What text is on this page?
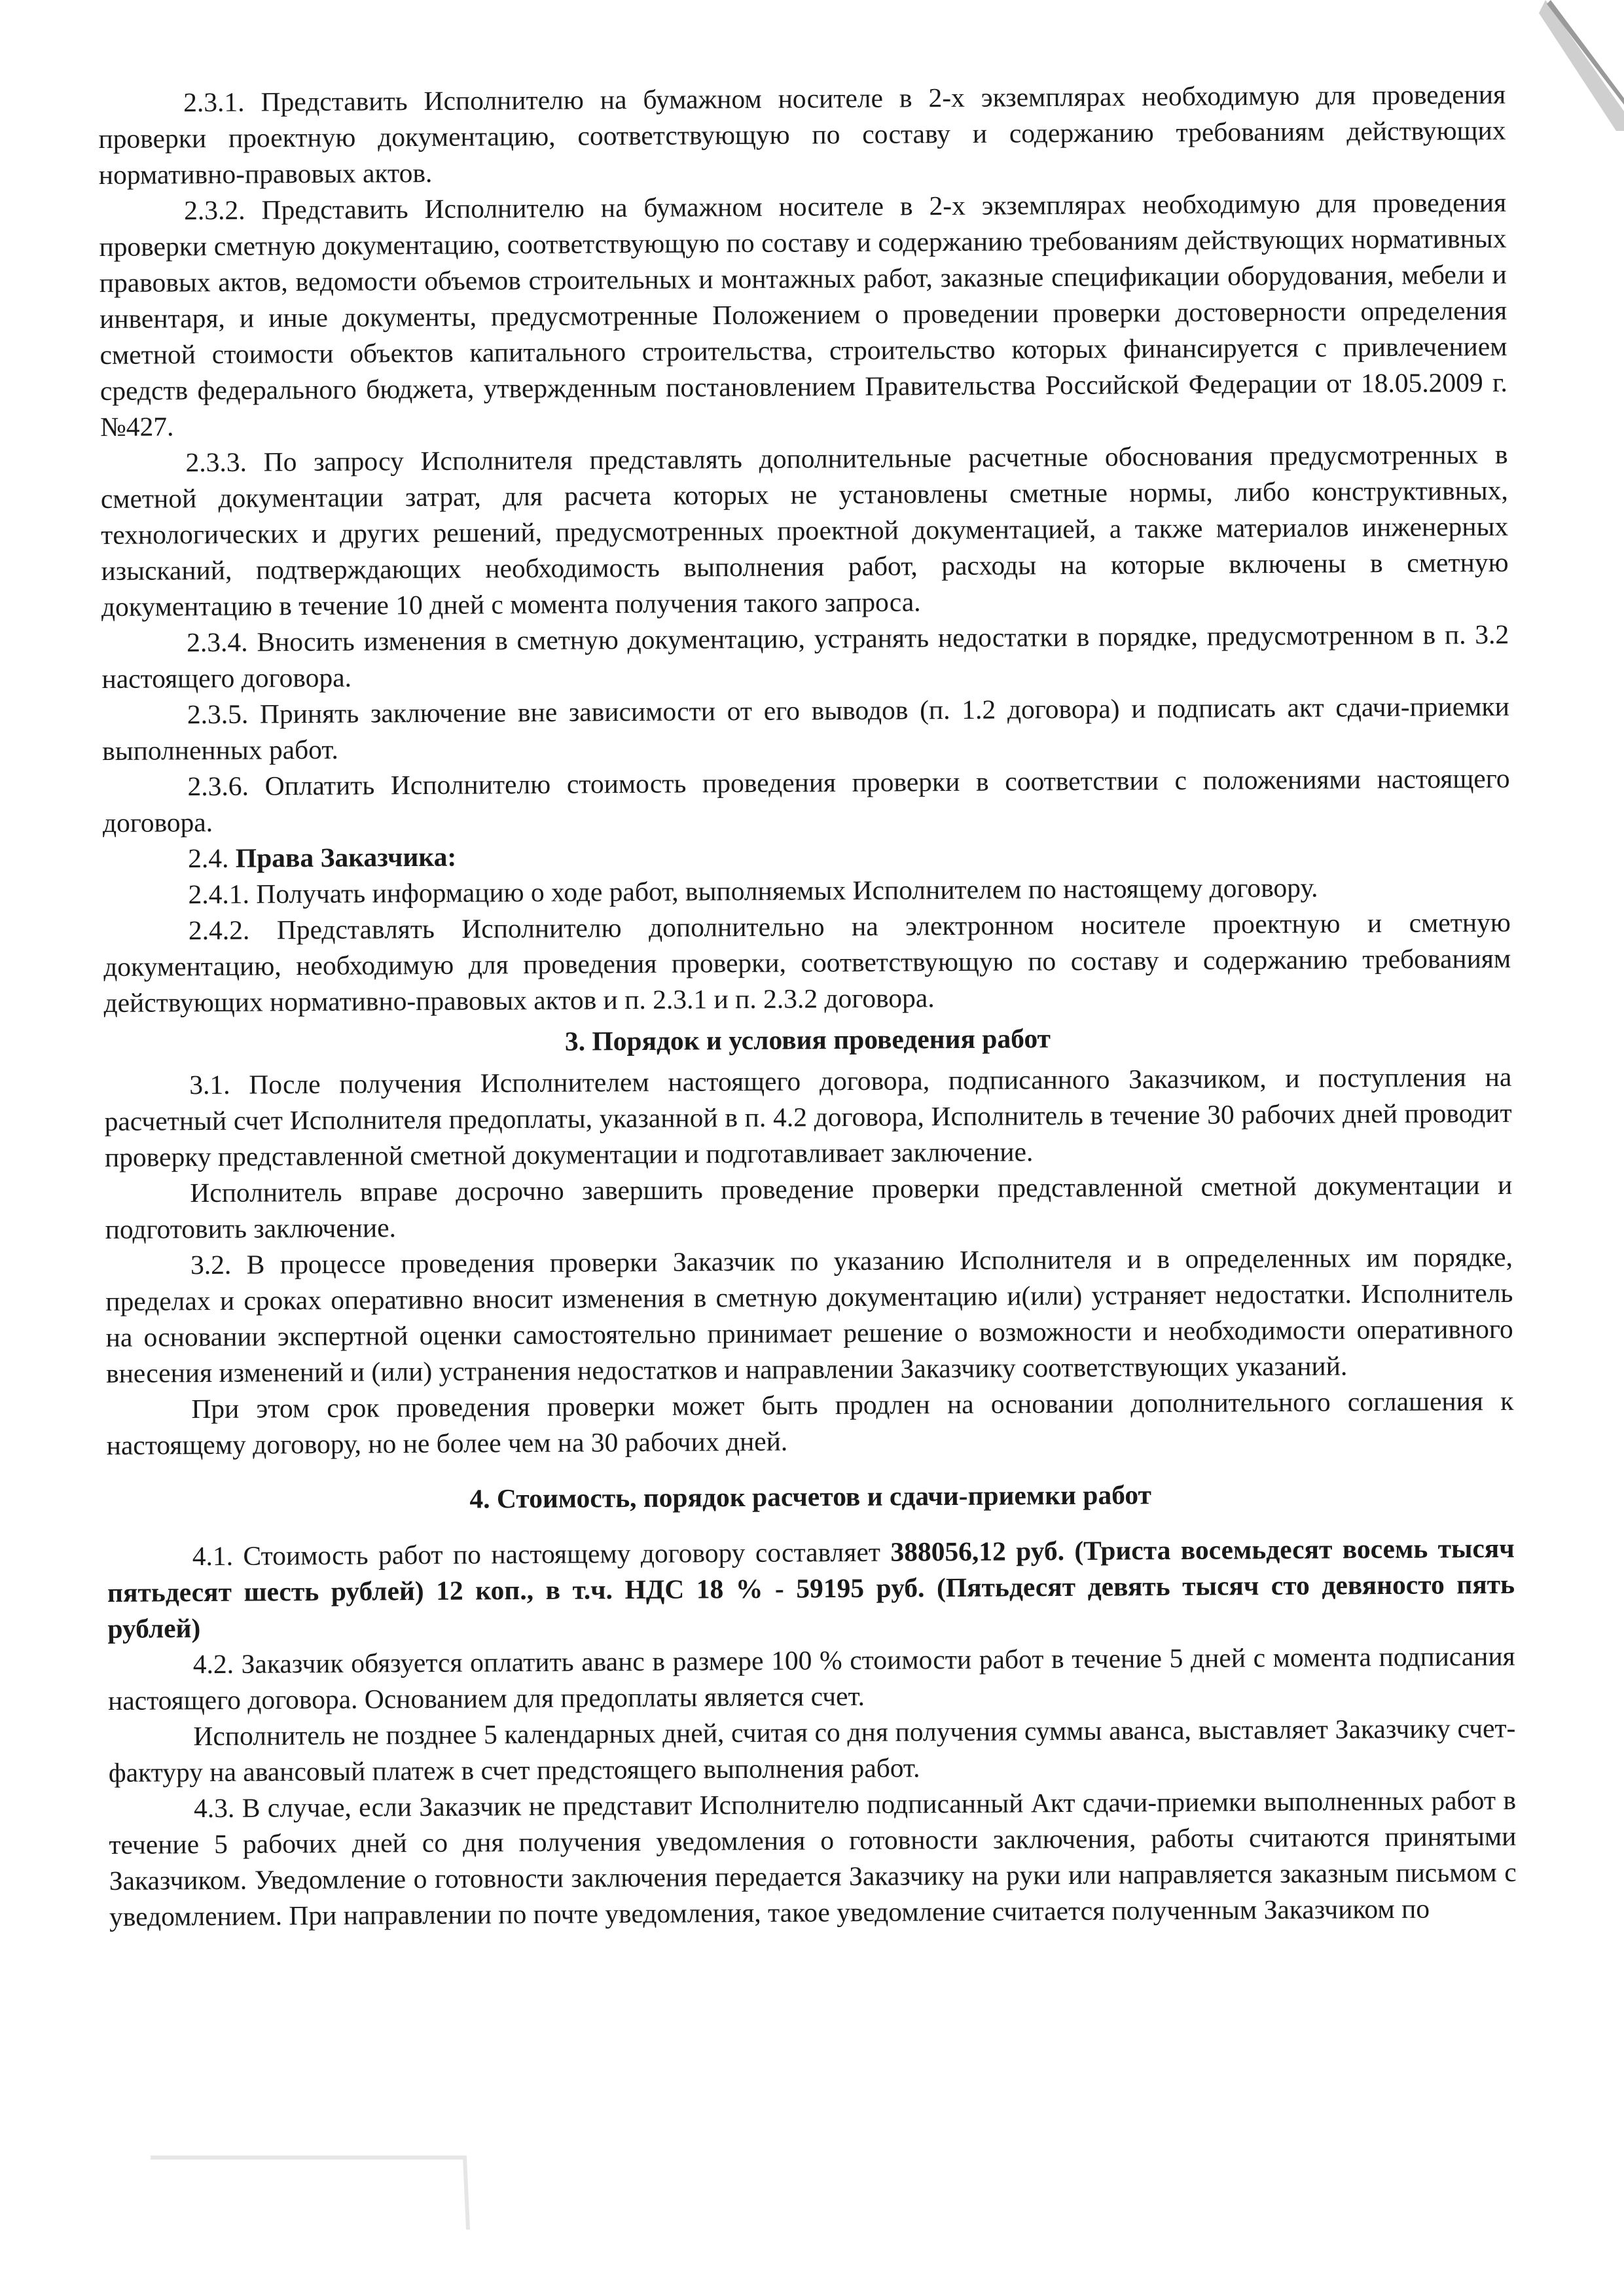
2.3.1. Представить Исполнителю на бумажном носителе в 2-х экземплярах необходимую для проведения проверки проектную документацию, соответствующую по составу и содержанию требованиям действующих нормативно-правовых актов.

2.3.2. Представить Исполнителю на бумажном носителе в 2-х экземплярах необходимую для проведения проверки сметную документацию, соответствующую по составу и содержанию требованиям действующих нормативных правовых актов, ведомости объемов строительных и монтажных работ, заказные спецификации оборудования, мебели и инвентаря, и иные документы, предусмотренные Положением о проведении проверки достоверности определения сметной стоимости объектов капитального строительства, строительство которых финансируется с привлечением средств федерального бюджета, утвержденным постановлением Правительства Российской Федерации от 18.05.2009 г. №427.

2.3.3. По запросу Исполнителя представлять дополнительные расчетные обоснования предусмотренных в сметной документации затрат, для расчета которых не установлены сметные нормы, либо конструктивных, технологических и других решений, предусмотренных проектной документацией, а также материалов инженерных изысканий, подтверждающих необходимость выполнения работ, расходы на которые включены в сметную документацию в течение 10 дней с момента получения такого запроса.

2.3.4. Вносить изменения в сметную документацию, устранять недостатки в порядке, предусмотренном в п. 3.2 настоящего договора.

2.3.5. Принять заключение вне зависимости от его выводов (п. 1.2 договора) и подписать акт сдачи-приемки выполненных работ.

2.3.6. Оплатить Исполнителю стоимость проведения проверки в соответствии с положениями настоящего договора.

2.4. Права Заказчика:

2.4.1. Получать информацию о ходе работ, выполняемых Исполнителем по настоящему договору.

2.4.2. Представлять Исполнителю дополнительно на электронном носителе проектную и сметную документацию, необходимую для проведения проверки, соответствующую по составу и содержанию требованиям действующих нормативно-правовых актов и п. 2.3.1 и п. 2.3.2 договора.

3. Порядок и условия проведения работ

3.1. После получения Исполнителем настоящего договора, подписанного Заказчиком, и поступления на расчетный счет Исполнителя предоплаты, указанной в п. 4.2 договора, Исполнитель в течение 30 рабочих дней проводит проверку представленной сметной документации и подготавливает заключение.

Исполнитель вправе досрочно завершить проведение проверки представленной сметной документации и подготовить заключение.

3.2. В процессе проведения проверки Заказчик по указанию Исполнителя и в определенных им порядке, пределах и сроках оперативно вносит изменения в сметную документацию и(или) устраняет недостатки. Исполнитель на основании экспертной оценки самостоятельно принимает решение о возможности и необходимости оперативного внесения изменений и (или) устранения недостатков и направлении Заказчику соответствующих указаний.

При этом срок проведения проверки может быть продлен на основании дополнительного соглашения к настоящему договору, но не более чем на 30 рабочих дней.

4. Стоимость, порядок расчетов и сдачи-приемки работ

4.1. Стоимость работ по настоящему договору составляет 388056,12 руб. (Триста восемьдесят восемь тысяч пятьдесят шесть рублей) 12 коп., в т.ч. НДС 18 % - 59195 руб. (Пятьдесят девять тысяч сто девяносто пять рублей)

4.2. Заказчик обязуется оплатить аванс в размере 100 % стоимости работ в течение 5 дней с момента подписания настоящего договора. Основанием для предоплаты является счет.

Исполнитель не позднее 5 календарных дней, считая со дня получения суммы аванса, выставляет Заказчику счет-фактуру на авансовый платеж в счет предстоящего выполнения работ.

4.3. В случае, если Заказчик не представит Исполнителю подписанный Акт сдачи-приемки выполненных работ в течение 5 рабочих дней со дня получения уведомления о готовности заключения, работы считаются принятыми Заказчиком. Уведомление о готовности заключения передается Заказчику на руки или направляется заказным письмом с уведомлением. При направлении по почте уведомления, такое уведомление считается полученным Заказчиком по
